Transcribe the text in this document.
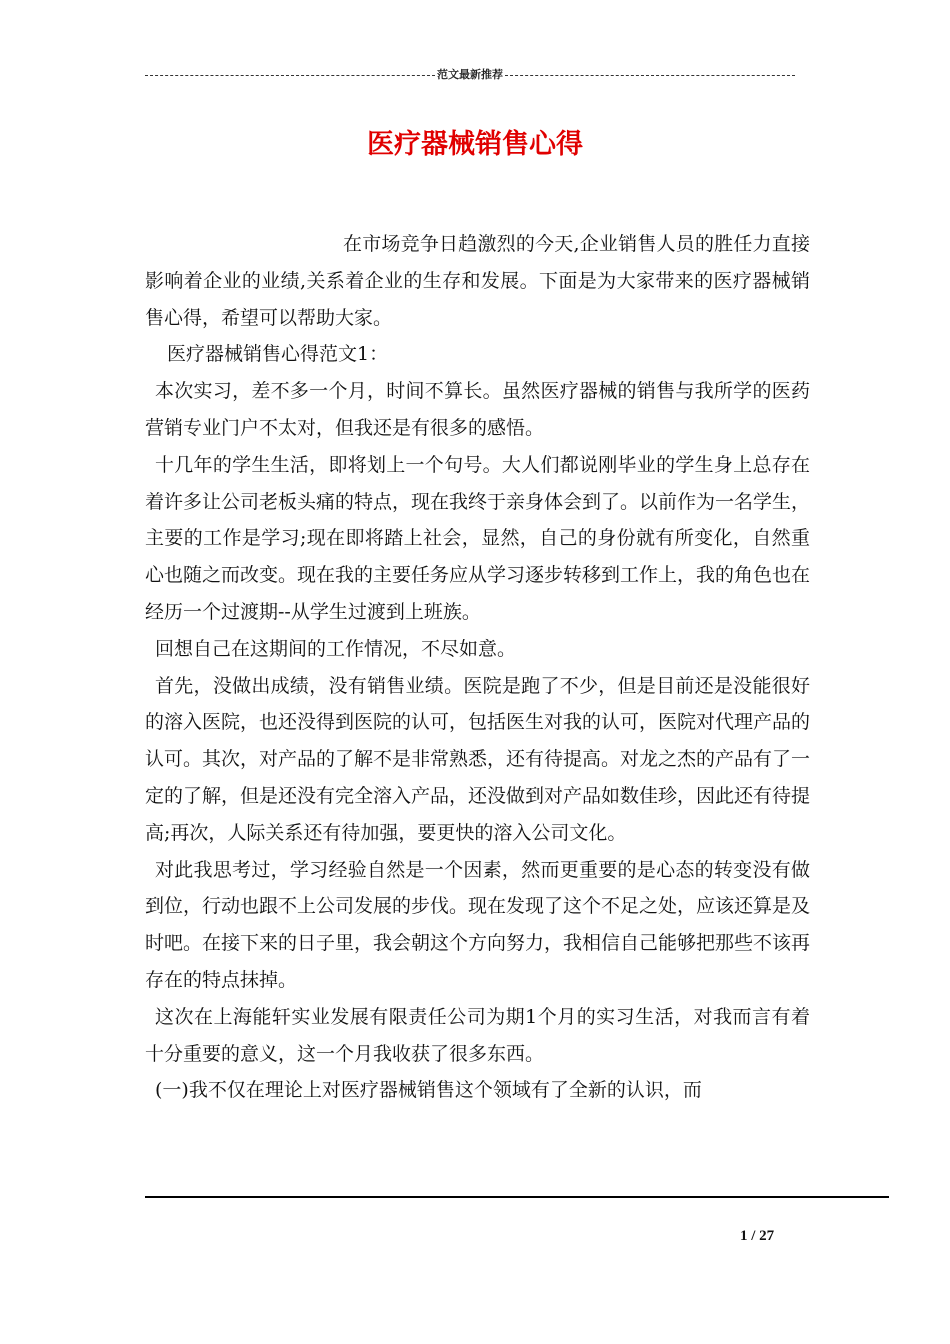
范文最新推荐
医疗器械销售心得

在市场竞争日趋激烈的今天,企业销售人员的胜任力直接影响着企业的业绩,关系着企业的生存和发展。下面是为大家带来的医疗器械销售心得，希望可以帮助大家。

医疗器械销售心得范文1：

本次实习，差不多一个月，时间不算长。虽然医疗器械的销售与我所学的医药营销专业门户不太对，但我还是有很多的感悟。

十几年的学生生活，即将划上一个句号。大人们都说刚毕业的学生身上总存在着许多让公司老板头痛的特点，现在我终于亲身体会到了。以前作为一名学生，主要的工作是学习;现在即将踏上社会，显然，自己的身份就有所变化，自然重心也随之而改变。现在我的主要任务应从学习逐步转移到工作上，我的角色也在经历一个过渡期--从学生过渡到上班族。

回想自己在这期间的工作情况，不尽如意。

首先，没做出成绩，没有销售业绩。医院是跑了不少，但是目前还是没能很好的溶入医院，也还没得到医院的认可，包括医生对我的认可，医院对代理产品的认可。其次，对产品的了解不是非常熟悉，还有待提高。对龙之杰的产品有了一定的了解，但是还没有完全溶入产品，还没做到对产品如数佳珍，因此还有待提高;再次，人际关系还有待加强，要更快的溶入公司文化。

对此我思考过，学习经验自然是一个因素，然而更重要的是心态的转变没有做到位，行动也跟不上公司发展的步伐。现在发现了这个不足之处，应该还算是及时吧。在接下来的日子里，我会朝这个方向努力，我相信自己能够把那些不该再存在的特点抹掉。

这次在上海能轩实业发展有限责任公司为期1个月的实习生活，对我而言有着十分重要的意义，这一个月我收获了很多东西。

(一)我不仅在理论上对医疗器械销售这个领域有了全新的认识，而

1 / 27
